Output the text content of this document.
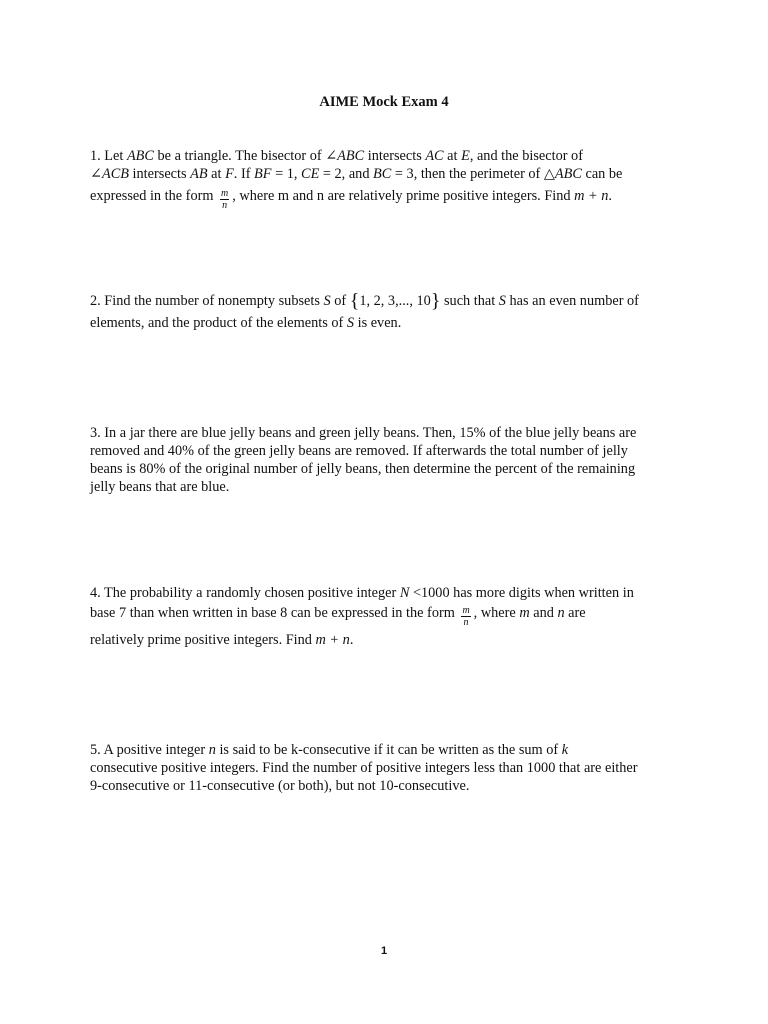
AIME Mock Exam 4
1. Let ABC be a triangle. The bisector of ∠ABC intersects AC at E, and the bisector of
∠ACB intersects AB at F. If BF = 1, CE = 2, and BC = 3, then the perimeter of △ABC can be
expressed in the form $\frac{m}{n}$ , where m and n are relatively prime positive integers. Find m + n.
2. Find the number of nonempty subsets S of {1, 2, 3,..., 10} such that S has an even number of
elements, and the product of the elements of S is even.
3. In a jar there are blue jelly beans and green jelly beans. Then, 15% of the blue jelly beans are
removed and 40% of the green jelly beans are removed. If afterwards the total number of jelly
beans is 80% of the original number of jelly beans, then determine the percent of the remaining
jelly beans that are blue.
4. The probability a randomly chosen positive integer N <1000 has more digits when written in
base 7 than when written in base 8 can be expressed in the form $\frac{m}{n}$ , where m and n are
relatively prime positive integers. Find m + n.
5. A positive integer n is said to be k-consecutive if it can be written as the sum of k
consecutive positive integers. Find the number of positive integers less than 1000 that are either
9-consecutive or 11-consecutive (or both), but not 10-consecutive.
1
